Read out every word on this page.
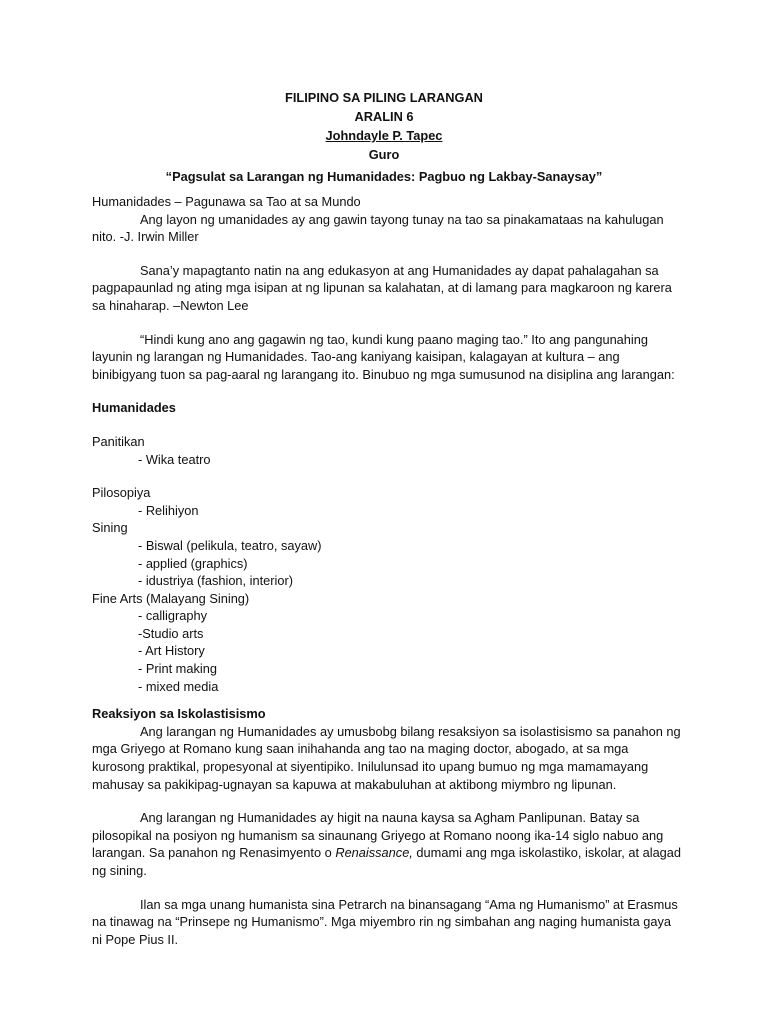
FILIPINO SA PILING LARANGAN
ARALIN 6
Johndayle P. Tapec
Guro
“Pagsulat sa Larangan ng Humanidades: Pagbuo ng Lakbay-Sanaysay”

Humanidades – Pagunawa sa Tao at sa Mundo

Ang layon ng umanidades ay ang gawin tayong tunay na tao sa pinakamataas na kahulugan nito. -J. Irwin Miller

Sana’y mapagtanto natin na ang edukasyon at ang Humanidades ay dapat pahalagahan sa pagpapaunlad ng ating mga isipan at ng lipunan sa kalahatan, at di lamang para magkaroon ng karera sa hinaharap. –Newton Lee

“Hindi kung ano ang gagawin ng tao, kundi kung paano maging tao.” Ito ang pangunahing layunin ng larangan ng Humanidades. Tao-ang kaniyang kaisipan, kalagayan at kultura – ang binibigyang tuon sa pag-aaral ng larangang ito. Binubuo ng mga sumusunod na disiplina ang larangan:

Humanidades

Panitikan

- Wika teatro

Pilosopiya

- Relihiyon

Sining

- Biswal (pelikula, teatro, sayaw)

- applied (graphics)

- idustriya (fashion, interior)

Fine Arts (Malayang Sining)

- calligraphy

-Studio arts

- Art History

- Print making

- mixed media

Reaksiyon sa Iskolastisismo

Ang larangan ng Humanidades ay umusbobg bilang resaksiyon sa isolastisismo sa panahon ng mga Griyego at Romano kung saan inihahanda ang tao na maging doctor, abogado, at sa mga kurosong praktikal, propesyonal at siyentipiko. Inilulunsad ito upang bumuo ng mga mamamayang mahusay sa pakikipag-ugnayan sa kapuwa at makabuluhan at aktibong miymbro ng lipunan.

Ang larangan ng Humanidades ay higit na nauna kaysa sa Agham Panlipunan. Batay sa pilosopikal na posiyon ng humanism sa sinaunang Griyego at Romano noong ika-14 siglo nabuo ang larangan. Sa panahon ng Renasimyento o Renaissance, dumami ang mga iskolastiko, iskolar, at alagad ng sining.

Ilan sa mga unang humanista sina Petrarch na binansagang “Ama ng Humanismo” at Erasmus na tinawag na “Prinsepe ng Humanismo”. Mga miyembro rin ng simbahan ang naging humanista gaya ni Pope Pius II.
